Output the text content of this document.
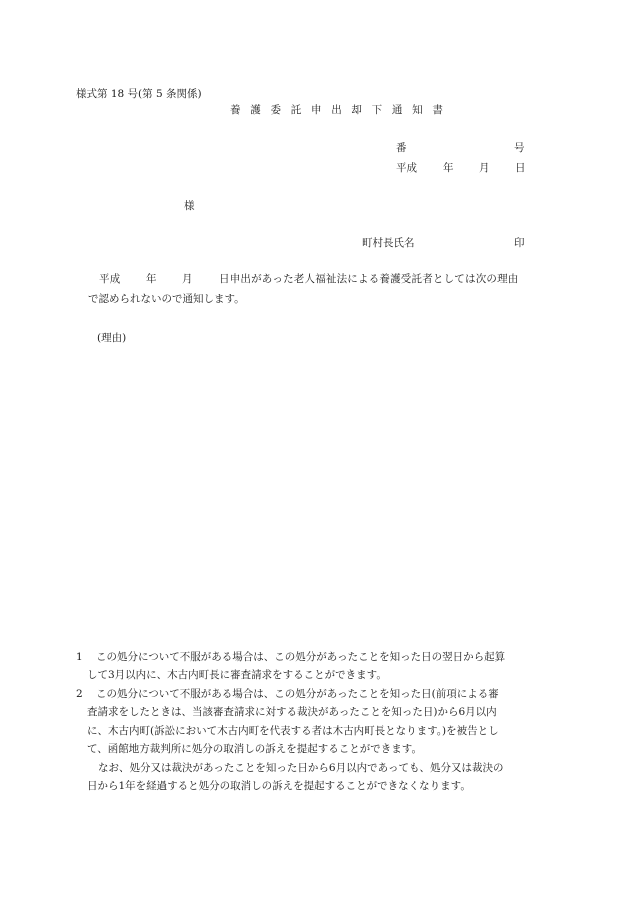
様式第 18 号(第 5 条関係)
養 護 委 託 申 出 却 下 通 知 書
番	号
平成 年 月 日
様
町村長氏名	印
平成 年 月	日申出があった老人福祉法による養護受託者としては次の理由
で認められないので通知します。
(理由)
1 この処分について不服がある場合は、この処分があったことを知った日の翌日から起算
して3月以内に、木古内町長に審査請求をすることができます。
2 この処分について不服がある場合は、この処分があったことを知った日(前項による審
査請求をしたときは、当該審査請求に対する裁決があったことを知った日)から6月以内
に、木古内町(訴訟において木古内町を代表する者は木古内町長となります。)を被告とし
て、函館地方裁判所に処分の取消しの訴えを提起することができます。
なお、処分又は裁決があったことを知った日から6月以内であっても、処分又は裁決の
日から1年を経過すると処分の取消しの訴えを提起することができなくなります。
